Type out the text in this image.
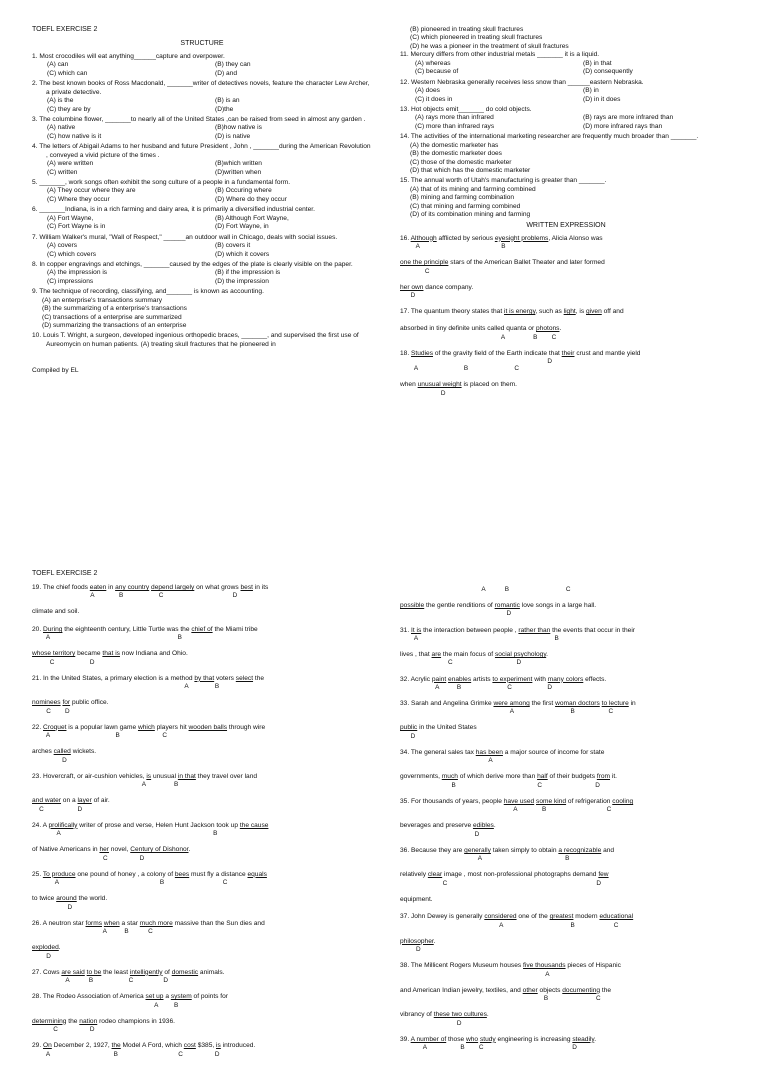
TOEFL EXERCISE 2
STRUCTURE
1. Most crocodiles will eat anything______capture and overpower.
(A) can	(B) they can
(C) which can	(D) and
2. The best known books of Ross Macdonald, _______writer of detectives novels, feature the character Lew Archer, a private detective.
(A) is the	(B) is an
(C) they are by	(D)the
3. The columbine flower, _______to nearly all of the United States ,can be raised from seed in almost any garden .
(A) native	(B)how native is
(C) how native is it	(D) is native
4. The letters of Abigail Adams to her husband and future President , John , _______during the American Revolution , conveyed a vivid picture of the times .
(A) were written	(B)which written
(C) written	(D)written when
5. _______, work songs often exhibit the song culture of a people in a fundamental form.
(A) They occur where they are	(B) Occuring where
(C) Where they occur	(D) Where do they occur
6. _______Indiana, is in a rich farming and dairy area, it is primarily a diversified industrial center.
(A) Fort Wayne,	(B) Although Fort Wayne,
(C) Fort Wayne is in	(D) Fort Wayne, in
7. William Walker's mural, "Wall of Respect," ______an outdoor wall in Chicago, deals with social issues.
(A) covers	(B) covers it
(C) which covers	(D) which it covers
8. In copper engravings and etchings, _______caused by the edges of the plate is clearly visible on the paper.
(A) the impression is	(B) if the impression is
(C) impressions	(D) the impression
9. The technique of recording, classifying, and_______ is known as accounting.
(A) an enterprise's transactions summary
(B) the summarizing of a enterprise's transactions
(C) transactions of a enterprise are summarized
(D) summarizing the transactions of an enterprise
10. Louis T. Wright, a surgeon, developed ingenious orthopedic braces, _______, and supervised the first use of Aureomycin on human patients. (A) treating skull fractures that he pioneered in
Compiled by EL
(B) pioneered in treating skull fractures
(C) which pioneered in treating skull fractures
(D) he was a pioneer in the treatment of skull fractures
11. Mercury differs from other industrial metals _______ it is a liquid.
(A) whereas	(B) in that
(C) because of	(D) consequently
12. Western Nebraska generally receives less snow than ______eastern Nebraska.
(A) does	(B) in
(C) it does in	(D) in it does
13. Hot objects emit_______ do cold objects.
(A) rays more than infrared	(B) rays are more infrared than
(C) more than infrared rays	(D) more infrared rays than
14. The activities of the international marketing researcher are frequently much broader than _______.
(A) the domestic marketer has
(B) the domestic marketer does
(C) those of the domestic marketer
(D) that which has the domestic marketer
15. The annual worth of Utah's manufacturing is greater than _______.
(A) that of its mining and farming combined
(B) mining and farming combination
(C) that mining and farming combined
(D) of its combination mining and farming
WRITTEN EXPRESSION
16. Although afflicted by serious eyesight problems, Alicia Alonso was
A                                              B
one the principle stars of the American Ballet Theater and later formed
C
her own dance company.
D
17. The quantum theory states that it is energy, such as light, is given off and
absorbed in tiny definite units called quanta or photons.
A                B        C
18. Studies of the gravity field of the Earth indicate that their crust and mantle yield
D
A                          B                          C
when unusual weight is placed on them.
D
TOEFL EXERCISE 2
19. The chief foods eaten in any country depend largely on what grows best in its
A              B                    C                                       D
climate and soil.
20. During the eighteenth century, Little Turtle was the chief of the Miami tribe
A                                                                        B
whose territory became that is now Indiana and Ohio.
C                    D
21. In the United States, a primary election is a method by that voters select the
A               B
nominees for public office.
C        D
22. Croquet is a popular lawn game which players hit wooden balls through wire
A                                     B                        C
arches called wickets.
D
23. Hovercraft, or air-cushion vehicles, is unusual in that they travel over land
A                B
and water on a layer of air.
C                   D
24. A prolifically writer of prose and verse, Helen Hunt Jackson took up the cause
A                                                                                      B
of Native Americans in her novel, Century of Dishonor.
C                  D
25. To produce one pound of honey , a colony of bees must fly a distance equals
A                                                         B                                 C
to twice around the world.
D
26. A neutron star forms when a star much more massive than the Sun dies and
A          B           C
exploded.
D
27. Cows are said to be the least intelligently of domestic animals.
A           B                    C                 D
28. The Rodeo Association of America set up a system of points for
A         B
determining the nation rodeo champions in 1936.
C                  D
29. On December 2, 1927, the Model A Ford, which cost $385, is introduced.
A                                    B                                  C                  D
A           B                                C
possible the gentle renditions of romantic love songs in a large hall.
D
31. It is the interaction between people , rather than the events that occur in their
A                                                                             B
lives , that are the main focus of social psychology.
C                                    D
32. Acrylic paint enables artists to experiment with many colors effects.
A          B                          C                    D
33. Sarah and Angelina Grimke were among the first woman doctors to lecture in
A                                B                   C
public in the United States
D
34. The general sales tax has been a major source of income for state
A
governments, much of which derive more than half of their budgets from it.
B                                              C                              D
35. For thousands of years, people have used some kind of refrigeration cooling
A              B                                  C
beverages and preserve edibles.
D
36. Because they are generally taken simply to obtain a recognizable and
A                                               B
relatively clear image , most non-professional photographs demand few
C                                                                                    D
equipment.
37. John Dewey is generally considered one of the greatest modern educational
A                                      B                      C
philosopher.
D
38. The Millicent Rogers Museum houses five thousands pieces of Hispanic
A
and American Indian jewelry, textiles, and other objects documenting the
B                           C
vibrancy of these two cultures.
D
39. A number of those who study engineering is increasing steadily.
A                   B        C                                                  D
